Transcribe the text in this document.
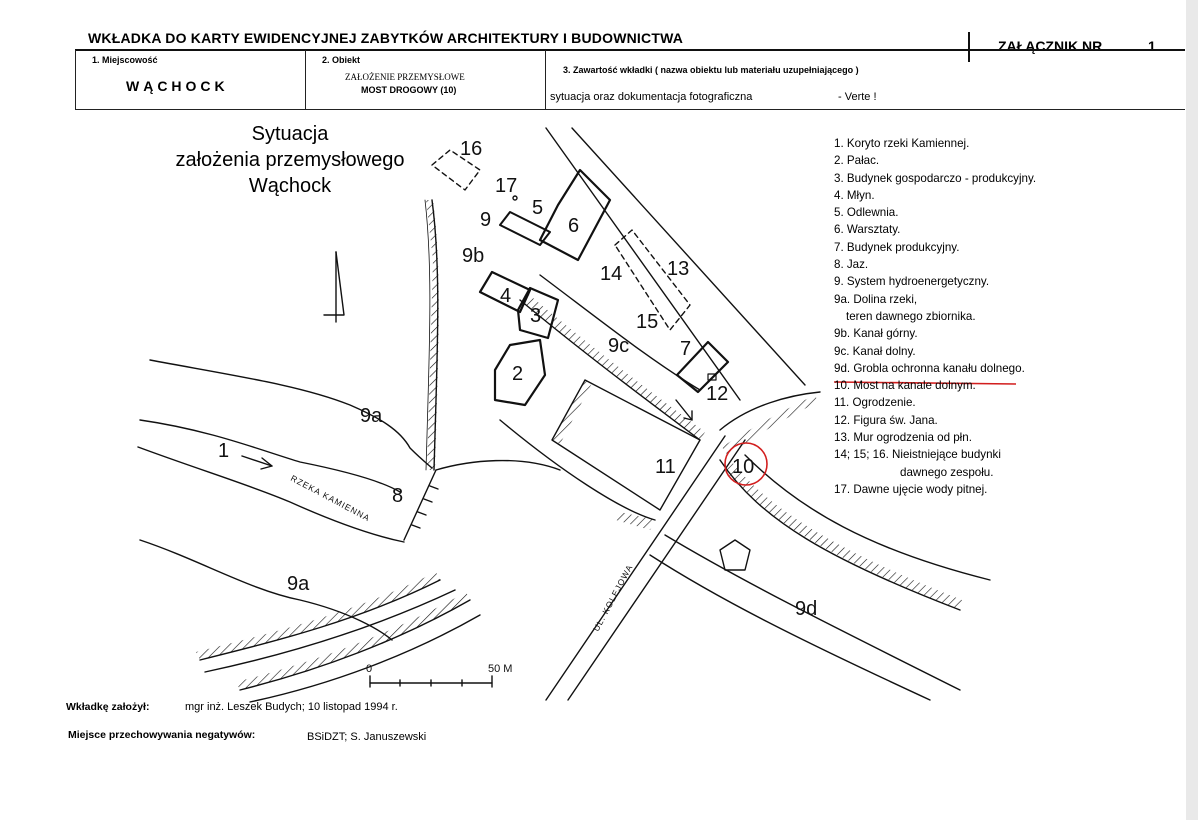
WKŁADKA DO KARTY EWIDENCYJNEJ ZABYTKÓW ARCHITEKTURY I BUDOWNICTWA	ZAŁĄCZNIK NR	1
1. Miejscowość
WĄCHOCK
2. Obiekt
ZAŁOŻENIE PRZEMYSŁOWE
MOST DROGOWY (10)
3. Zawartość wkładki ( nazwa obiektu lub materiału uzupełniającego )
sytuacja oraz dokumentacja fotograficzna	- Verte !
Sytuacja
założenia przemysłowego
Wąchock
1
2
3
4
5
6
7
8
9
9a
9a
9b
9c
9d
10
11
12
13
14
15
16
17
RZEKA KAMIENNA
UL. KOLEJOWA
0	50 M
1. Koryto rzeki Kamiennej.
2. Pałac.
3. Budynek gospodarczo - produkcyjny.
4. Młyn.
5. Odlewnia.
6. Warsztaty.
7. Budynek produkcyjny.
8. Jaz.
9. System hydroenergetyczny.
9a. Dolina rzeki,
teren dawnego zbiornika.
9b. Kanał górny.
9c. Kanał dolny.
9d. Grobla ochronna kanału dolnego.
10. Most na kanale dolnym.
11. Ogrodzenie.
12. Figura św. Jana.
13. Mur ogrodzenia od płn.
14; 15; 16. Nieistniejące budynki
dawnego zespołu.
17. Dawne ujęcie wody pitnej.
Wkładkę założył:	mgr inż. Leszek Budych; 10 listopad 1994 r.
Miejsce przechowywania negatywów:	BSiDZT; S. Januszewski
